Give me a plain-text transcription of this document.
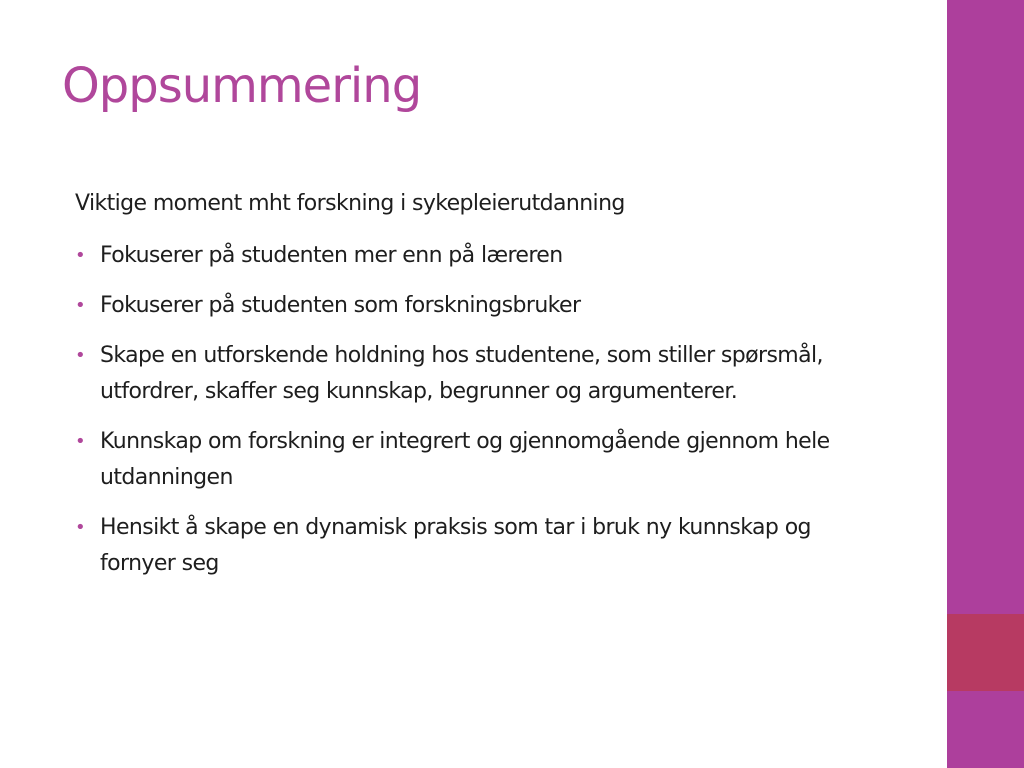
Oppsummering

Viktige moment mht forskning i sykepleierutdanning

• Fokuserer på studenten mer enn på læreren
• Fokuserer på studenten som forskningsbruker
• Skape en utforskende holdning hos studentene, som stiller spørsmål, utfordrer, skaffer seg kunnskap, begrunner og argumenterer.
• Kunnskap om forskning er integrert og gjennomgående gjennom hele utdanningen
• Hensikt å skape en dynamisk praksis som tar i bruk ny kunnskap og fornyer seg
